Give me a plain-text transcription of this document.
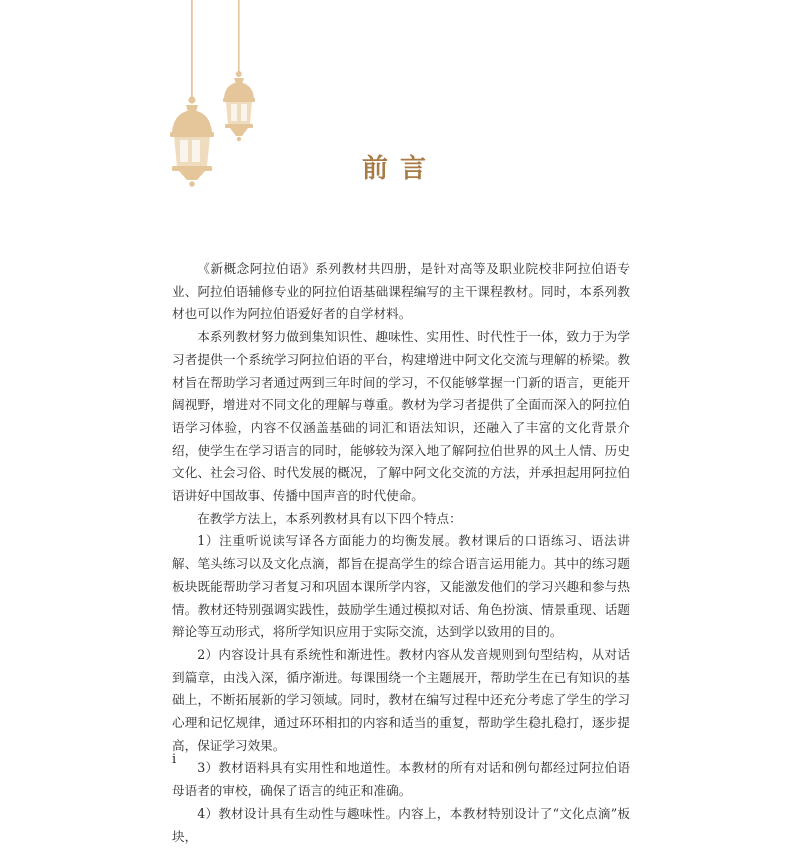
前言

《新概念阿拉伯语》系列教材共四册，是针对高等及职业院校非阿拉伯语专业、阿拉伯语辅修专业的阿拉伯语基础课程编写的主干课程教材。同时，本系列教材也可以作为阿拉伯语爱好者的自学材料。

本系列教材努力做到集知识性、趣味性、实用性、时代性于一体，致力于为学习者提供一个系统学习阿拉伯语的平台，构建增进中阿文化交流与理解的桥梁。教材旨在帮助学习者通过两到三年时间的学习，不仅能够掌握一门新的语言，更能开阔视野，增进对不同文化的理解与尊重。教材为学习者提供了全面而深入的阿拉伯语学习体验，内容不仅涵盖基础的词汇和语法知识，还融入了丰富的文化背景介绍，使学生在学习语言的同时，能够较为深入地了解阿拉伯世界的风土人情、历史文化、社会习俗、时代发展的概况，了解中阿文化交流的方法，并承担起用阿拉伯语讲好中国故事、传播中国声音的时代使命。

在教学方法上，本系列教材具有以下四个特点：

1）注重听说读写译各方面能力的均衡发展。教材课后的口语练习、语法讲解、笔头练习以及文化点滴，都旨在提高学生的综合语言运用能力。其中的练习题板块既能帮助学习者复习和巩固本课所学内容，又能激发他们的学习兴趣和参与热情。教材还特别强调实践性，鼓励学生通过模拟对话、角色扮演、情景重现、话题辩论等互动形式，将所学知识应用于实际交流，达到学以致用的目的。

2）内容设计具有系统性和渐进性。教材内容从发音规则到句型结构，从对话到篇章，由浅入深，循序渐进。每课围绕一个主题展开，帮助学生在已有知识的基础上，不断拓展新的学习领域。同时，教材在编写过程中还充分考虑了学生的学习心理和记忆规律，通过环环相扣的内容和适当的重复，帮助学生稳扎稳打，逐步提高，保证学习效果。

3）教材语料具有实用性和地道性。本教材的所有对话和例句都经过阿拉伯语母语者的审校，确保了语言的纯正和准确。

4）教材设计具有生动性与趣味性。内容上，本教材特别设计了“文化点滴”板块，

i
